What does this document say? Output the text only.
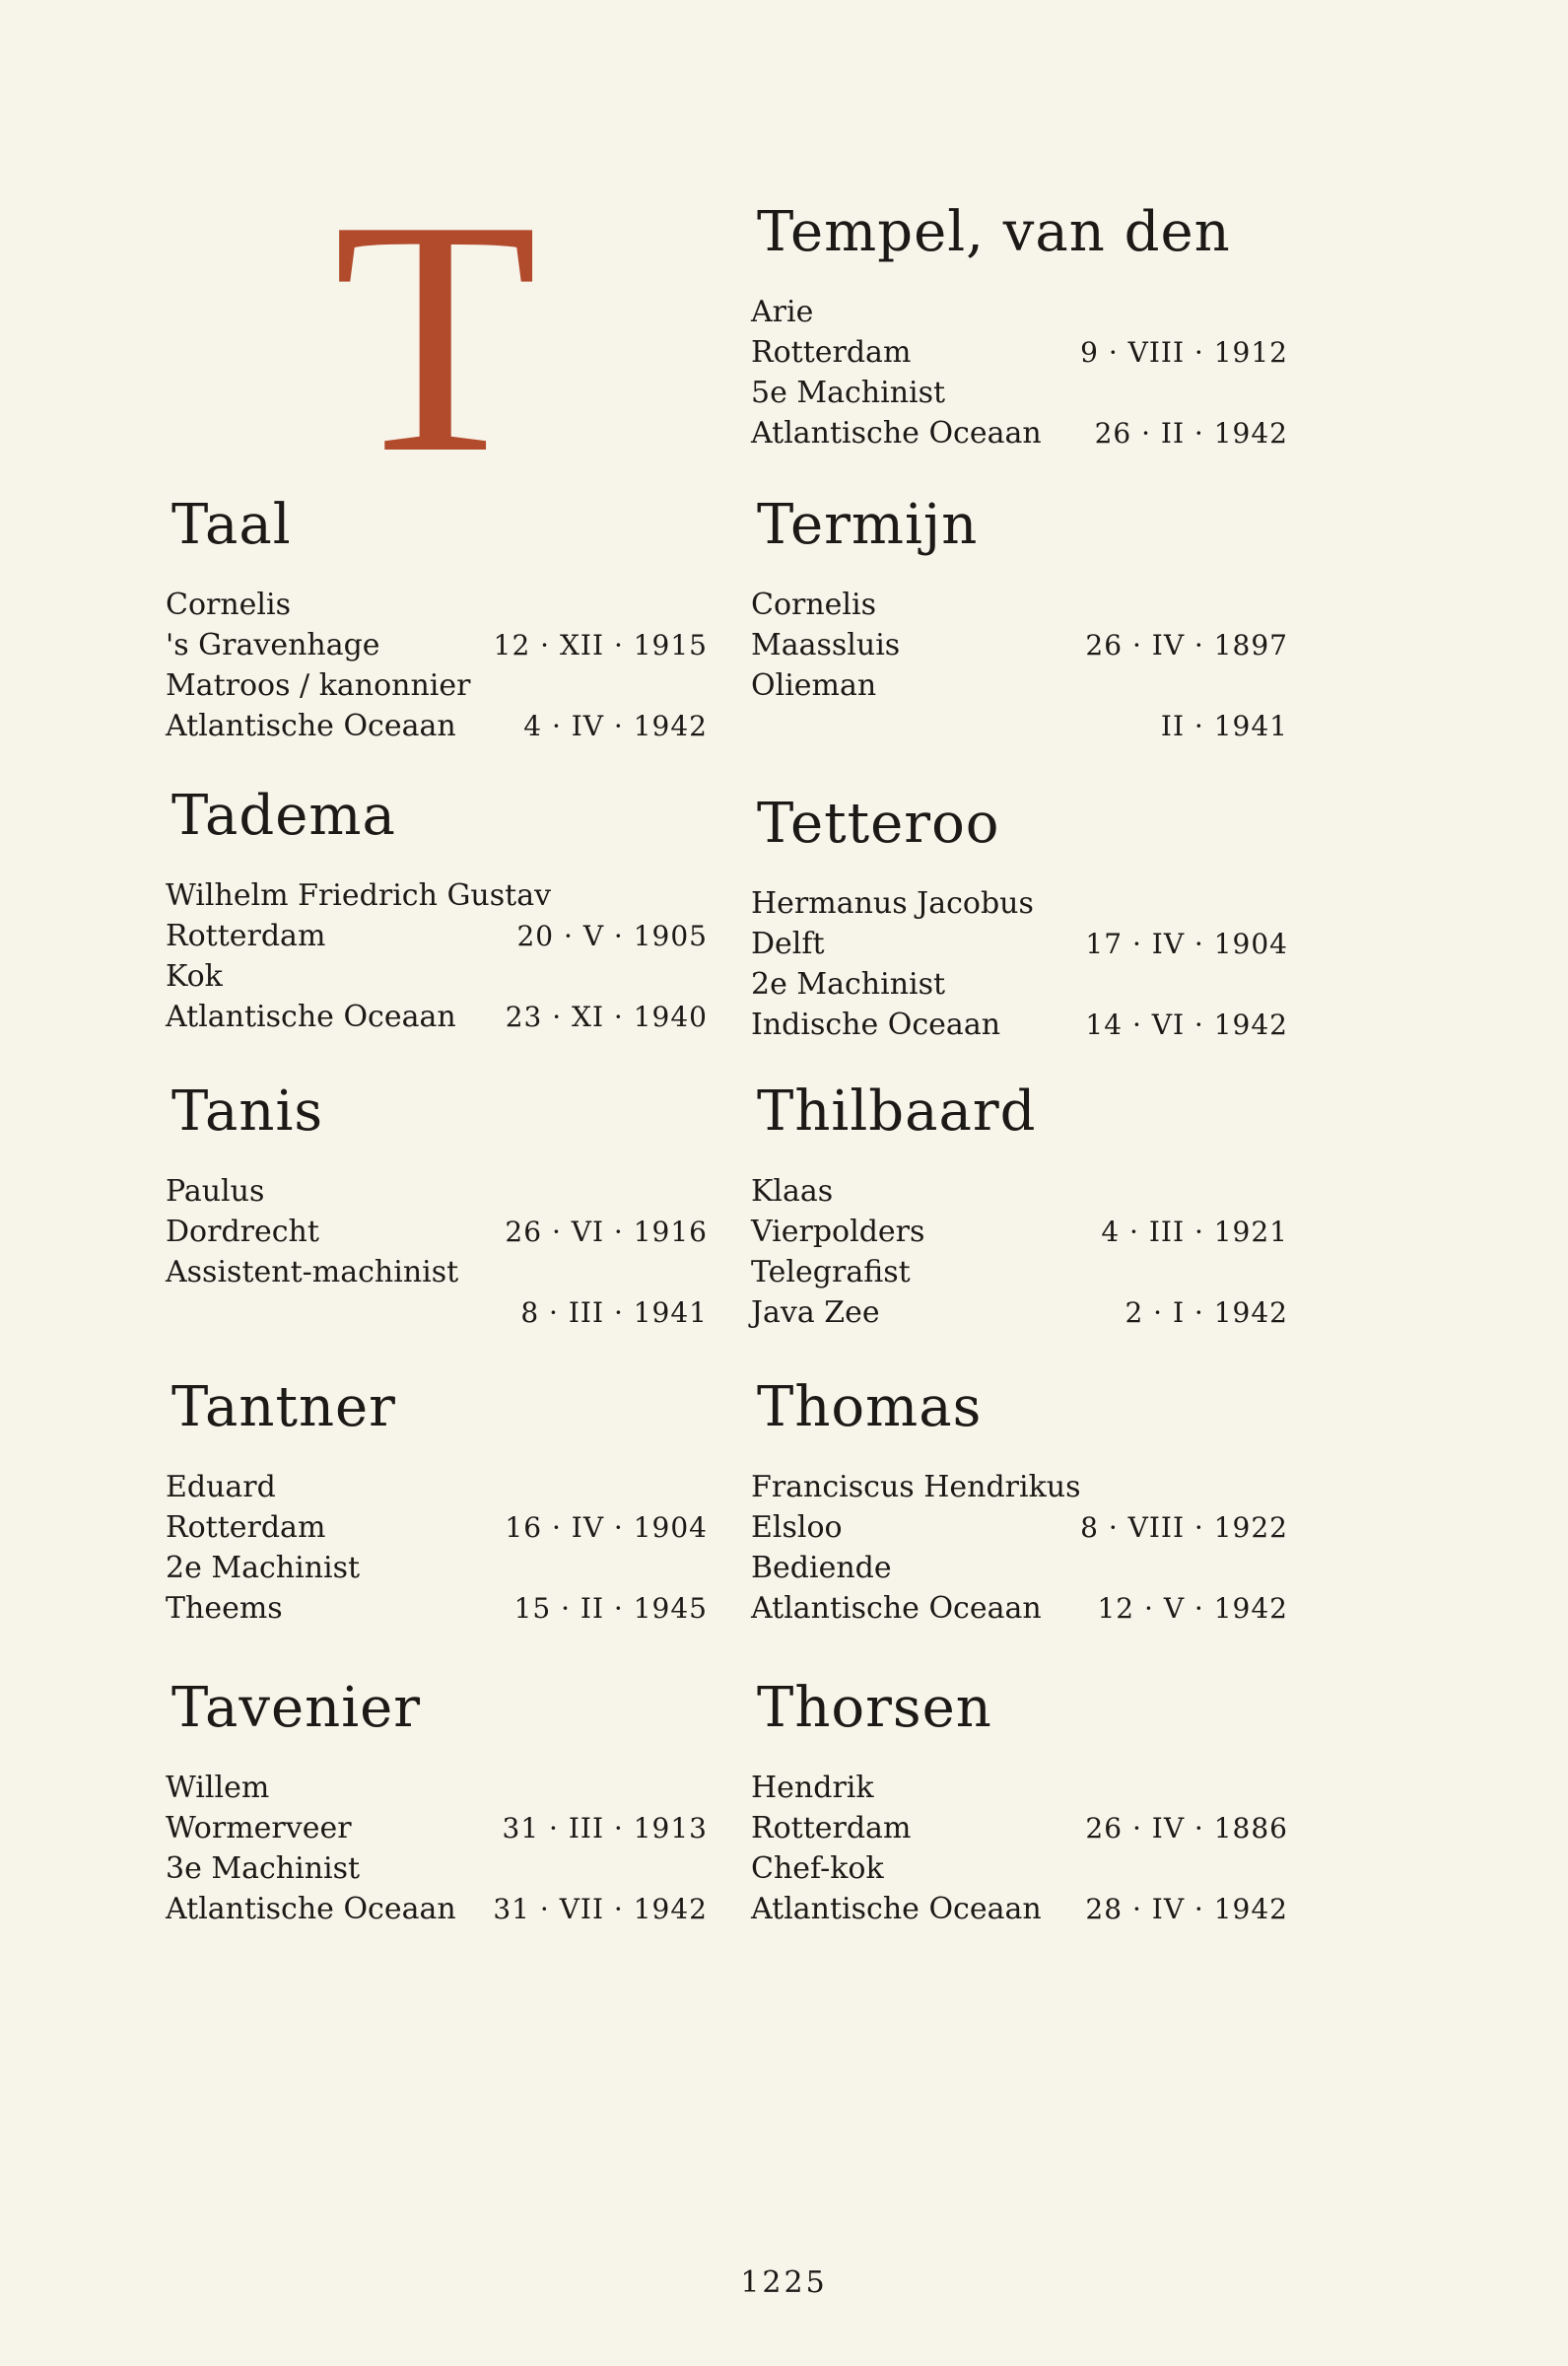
T
Taal
Cornelis
's Gravenhage	12 · XII · 1915
Matroos / kanonnier
Atlantische Oceaan 4 · IV · 1942
Tadema
Wilhelm Friedrich Gustav
Rotterdam	20 · V · 1905
Kok
Atlantische Oceaan 23 · XI · 1940
Tanis
Paulus
Dordrecht	26 · VI · 1916
Assistent-machinist
8 · III · 1941
Tantner
Eduard
Rotterdam	16 · IV · 1904
2e Machinist
Theems	15 · II · 1945
Tavenier
Willem
Wormerveer	31 · III · 1913
3e Machinist
Atlantische Oceaan 31 · VII · 1942
Tempel, van den
Arie
Rotterdam	9 · VIII · 1912
5e Machinist
Atlantische Oceaan 26 · II · 1942
Termijn
Cornelis
Maassluis	26 · IV · 1897
Olieman
II · 1941
Tetteroo
Hermanus Jacobus
Delft	17 · IV · 1904
2e Machinist
Indische Oceaan	14 · VI · 1942
Thilbaard
Klaas
Vierpolders	4 · III · 1921
Telegrafist
Java Zee	2 · I · 1942
Thomas
Franciscus Hendrikus
Elsloo	8 · VIII · 1922
Bediende
Atlantische Oceaan 12 · V · 1942
Thorsen
Hendrik
Rotterdam	26 · IV · 1886
Chef-kok
Atlantische Oceaan 28 · IV · 1942
1225
